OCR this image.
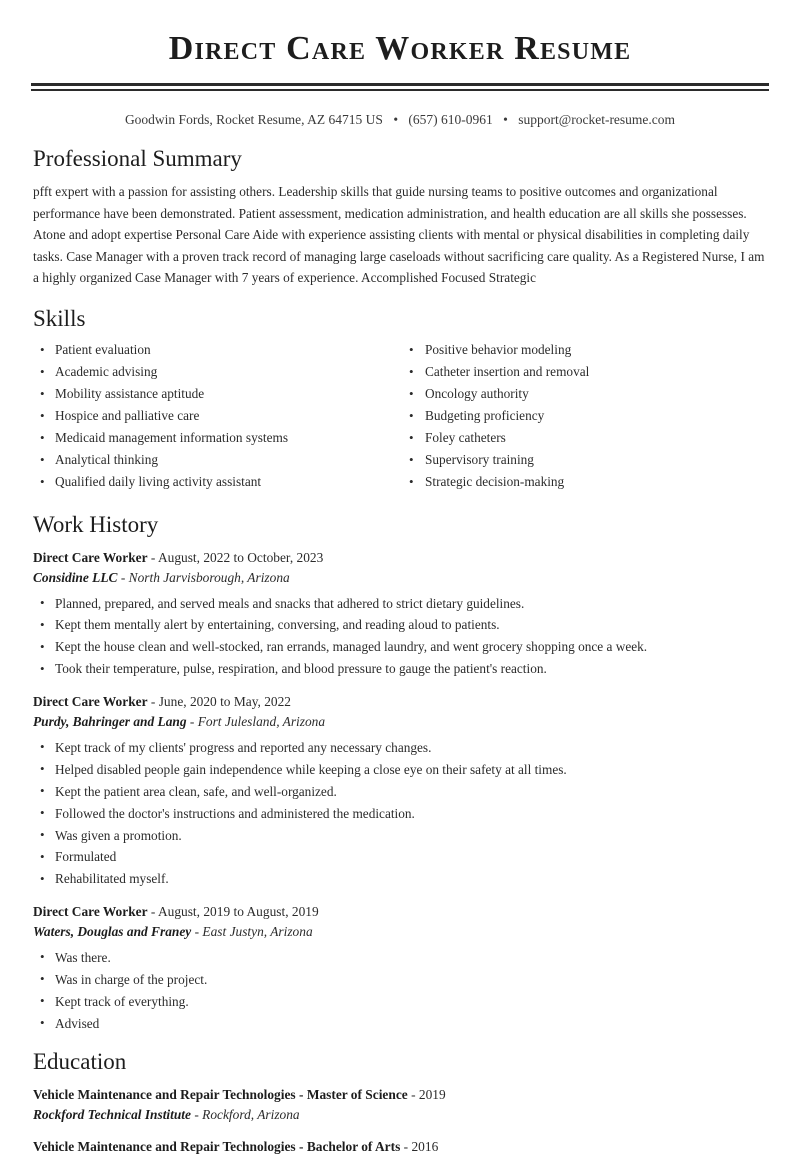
Direct Care Worker Resume
Goodwin Fords, Rocket Resume, AZ 64715 US • (657) 610-0961 • support@rocket-resume.com
Professional Summary

pfft expert with a passion for assisting others. Leadership skills that guide nursing teams to positive outcomes and organizational performance have been demonstrated. Patient assessment, medication administration, and health education are all skills she possesses. Atone and adopt expertise Personal Care Aide with experience assisting clients with mental or physical disabilities in completing daily tasks. Case Manager with a proven track record of managing large caseloads without sacrificing care quality. As a Registered Nurse, I am a highly organized Case Manager with 7 years of experience. Accomplished Focused Strategic

Skills
• Patient evaluation
• Academic advising
• Mobility assistance aptitude
• Hospice and palliative care
• Medicaid management information systems
• Analytical thinking
• Qualified daily living activity assistant
• Positive behavior modeling
• Catheter insertion and removal
• Oncology authority
• Budgeting proficiency
• Foley catheters
• Supervisory training
• Strategic decision-making
Work History
Direct Care Worker - August, 2022 to October, 2023
Considine LLC - North Jarvisborough, Arizona
• Planned, prepared, and served meals and snacks that adhered to strict dietary guidelines.
• Kept them mentally alert by entertaining, conversing, and reading aloud to patients.
• Kept the house clean and well-stocked, ran errands, managed laundry, and went grocery shopping once a week.
• Took their temperature, pulse, respiration, and blood pressure to gauge the patient's reaction.
Direct Care Worker - June, 2020 to May, 2022
Purdy, Bahringer and Lang - Fort Julesland, Arizona
• Kept track of my clients' progress and reported any necessary changes.
• Helped disabled people gain independence while keeping a close eye on their safety at all times.
• Kept the patient area clean, safe, and well-organized.
• Followed the doctor's instructions and administered the medication.
• Was given a promotion.
• Formulated
• Rehabilitated myself.
Direct Care Worker - August, 2019 to August, 2019
Waters, Douglas and Franey - East Justyn, Arizona
• Was there.
• Was in charge of the project.
• Kept track of everything.
• Advised
Education
Vehicle Maintenance and Repair Technologies - Master of Science - 2019
Rockford Technical Institute - Rockford, Arizona
Vehicle Maintenance and Repair Technologies - Bachelor of Arts - 2016
